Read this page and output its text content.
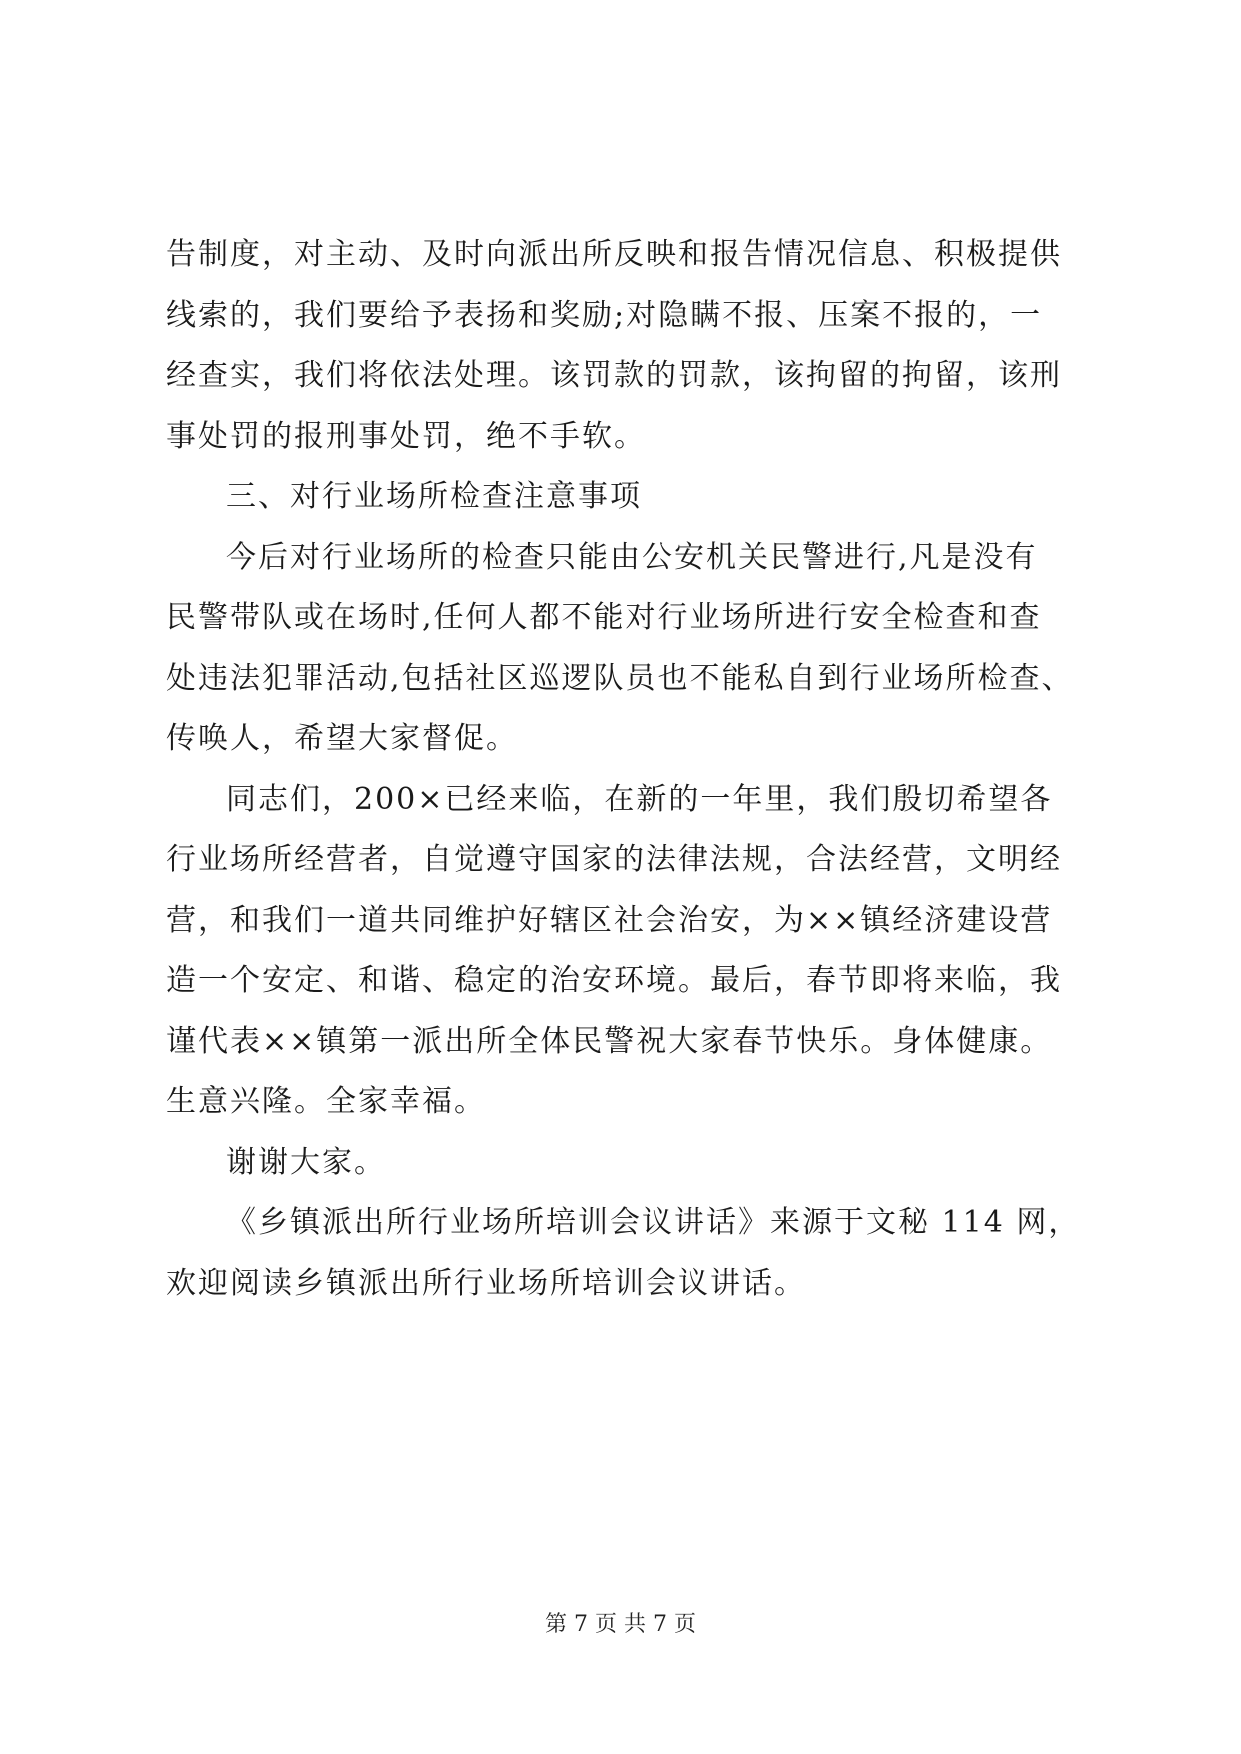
告制度，对主动、及时向派出所反映和报告情况信息、积极提供
线索的，我们要给予表扬和奖励;对隐瞒不报、压案不报的，一
经查实，我们将依法处理。该罚款的罚款，该拘留的拘留，该刑
事处罚的报刑事处罚，绝不手软。
三、对行业场所检查注意事项
今后对行业场所的检查只能由公安机关民警进行,凡是没有
民警带队或在场时,任何人都不能对行业场所进行安全检查和查
处违法犯罪活动,包括社区巡逻队员也不能私自到行业场所检查、
传唤人，希望大家督促。
同志们，200×已经来临，在新的一年里，我们殷切希望各
行业场所经营者，自觉遵守国家的法律法规，合法经营，文明经
营，和我们一道共同维护好辖区社会治安，为××镇经济建设营
造一个安定、和谐、稳定的治安环境。最后，春节即将来临，我
谨代表××镇第一派出所全体民警祝大家春节快乐。身体健康。
生意兴隆。全家幸福。
谢谢大家。
《乡镇派出所行业场所培训会议讲话》来源于文秘 114 网，
欢迎阅读乡镇派出所行业场所培训会议讲话。
第 7 页 共 7 页
